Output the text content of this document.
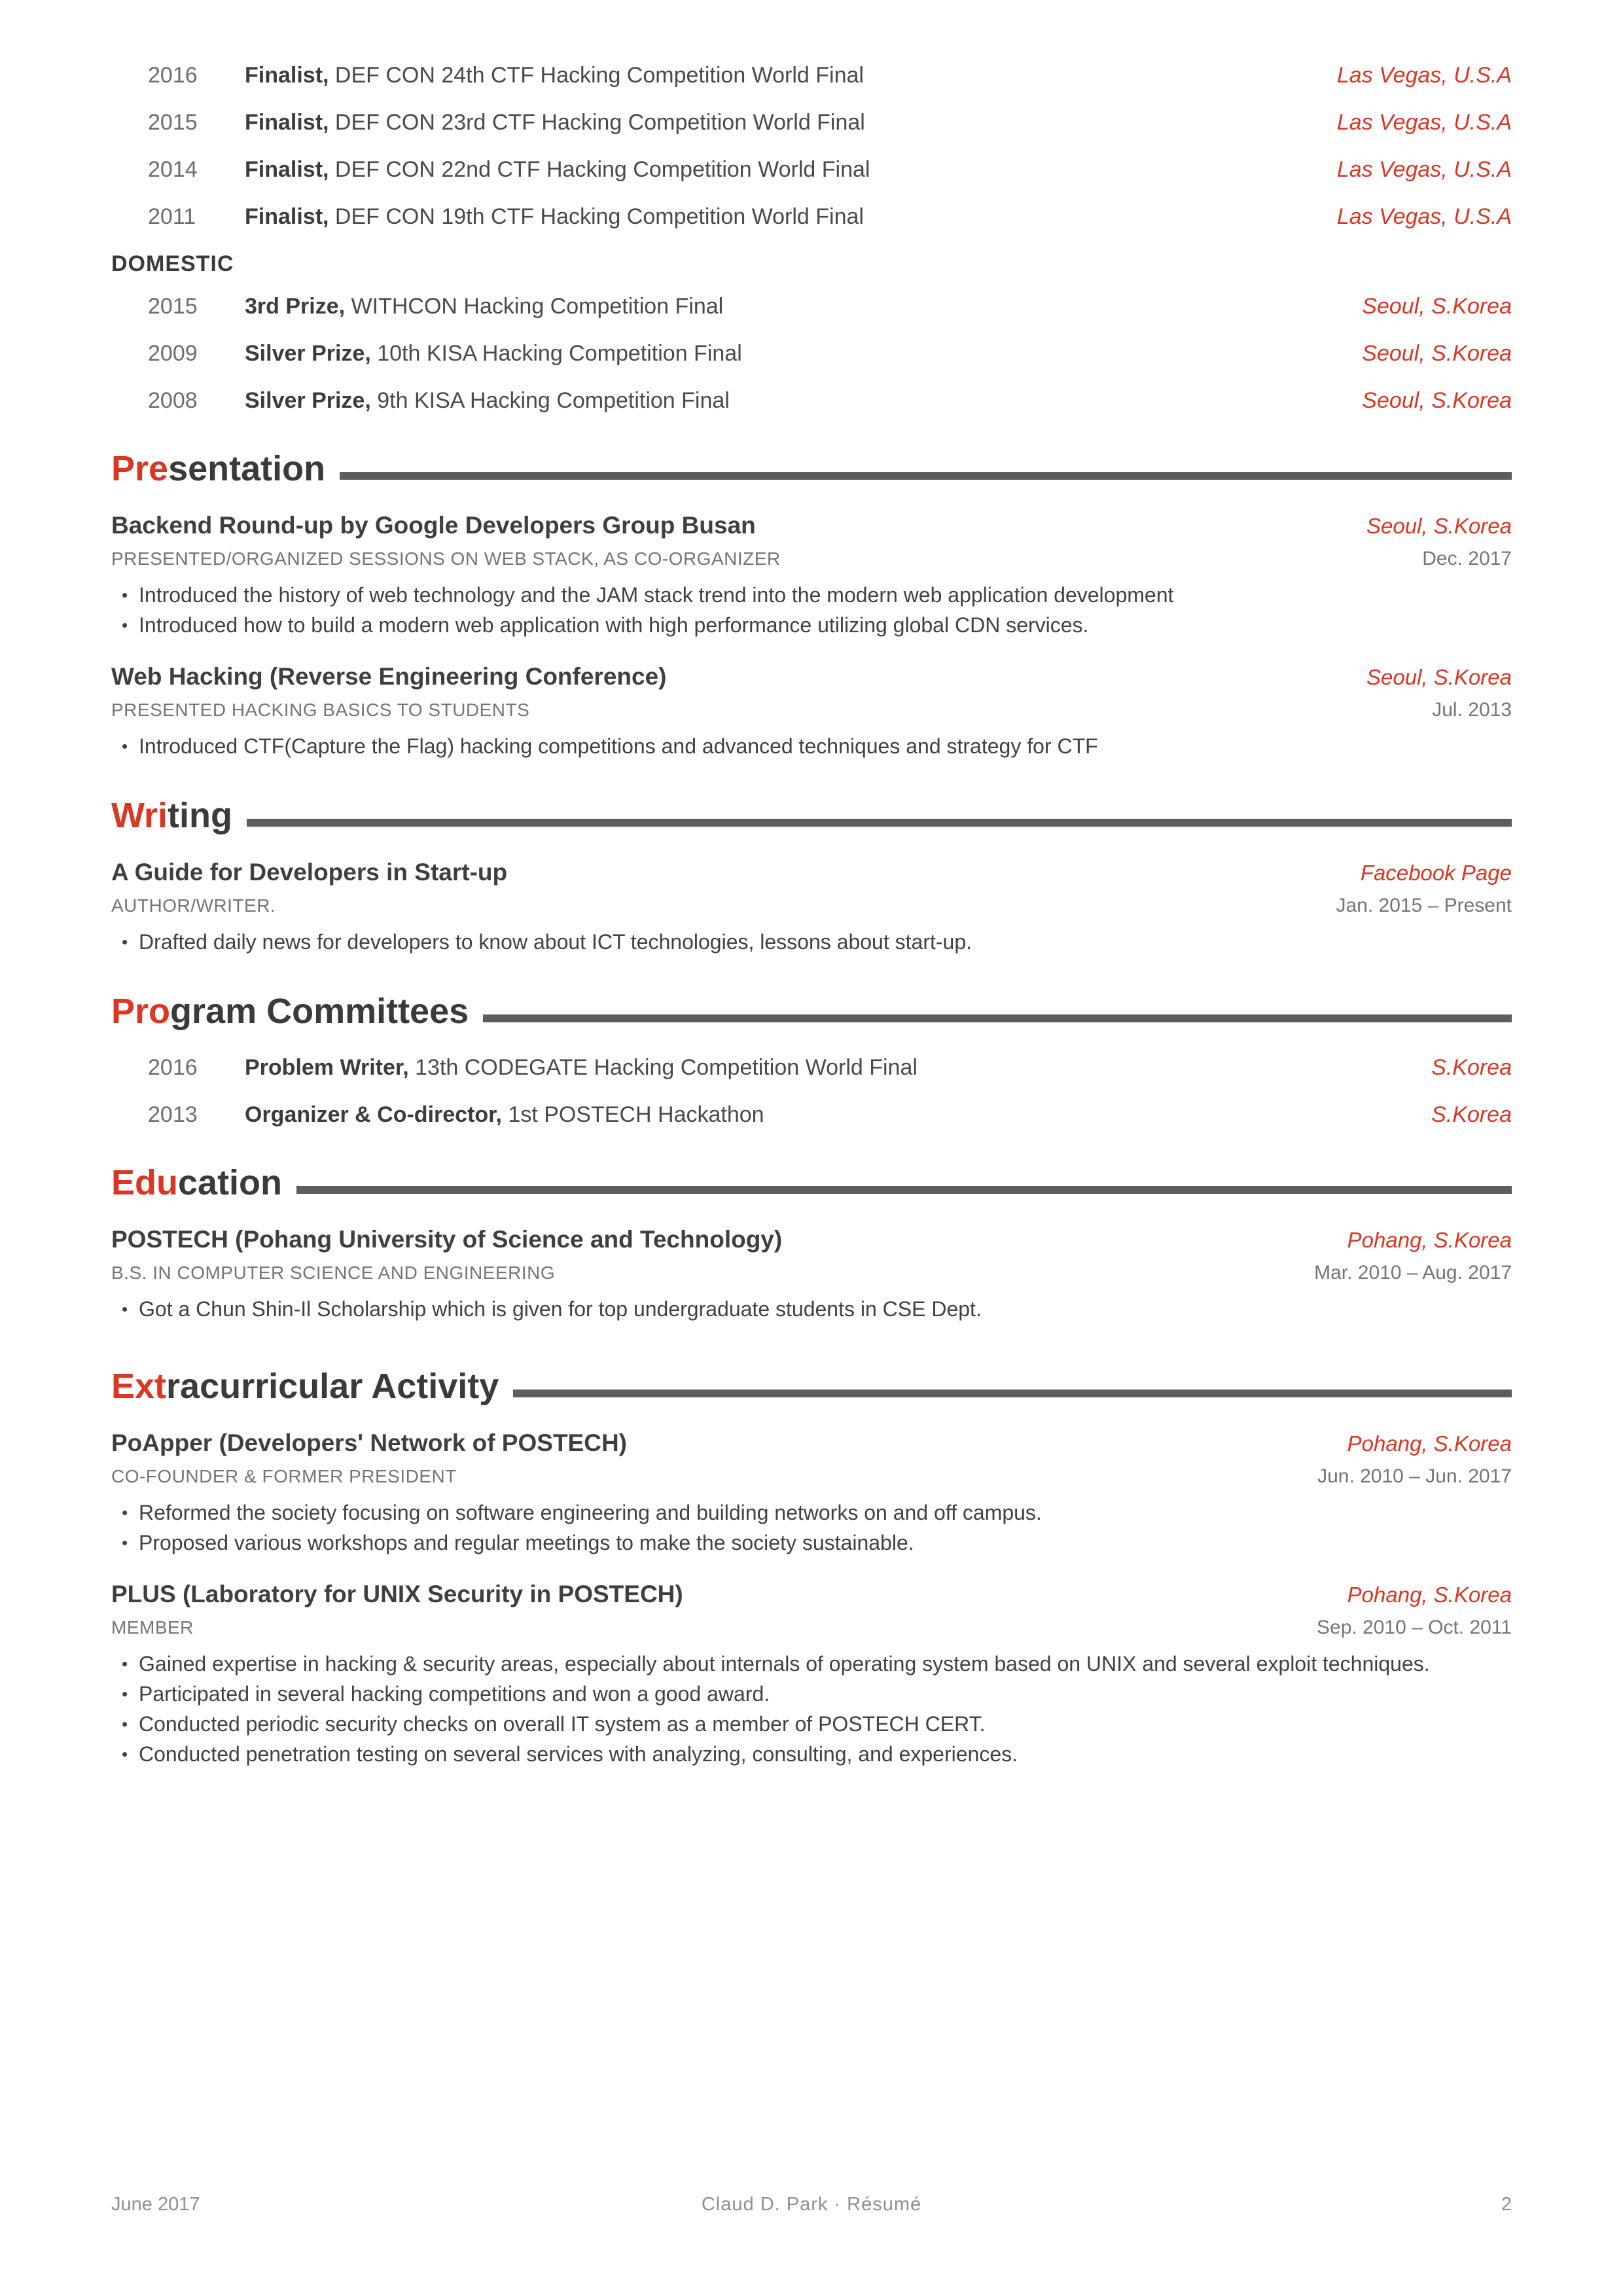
2016	Finalist, DEF CON 24th CTF Hacking Competition World Final	Las Vegas, U.S.A
2015	Finalist, DEF CON 23rd CTF Hacking Competition World Final	Las Vegas, U.S.A
2014	Finalist, DEF CON 22nd CTF Hacking Competition World Final	Las Vegas, U.S.A
2011	Finalist, DEF CON 19th CTF Hacking Competition World Final	Las Vegas, U.S.A
DOMESTIC
2015	3rd Prize, WITHCON Hacking Competition Final	Seoul, S.Korea
2009	Silver Prize, 10th KISA Hacking Competition Final	Seoul, S.Korea
2008	Silver Prize, 9th KISA Hacking Competition Final	Seoul, S.Korea
Presentation
Backend Round-up by Google Developers Group Busan	Seoul, S.Korea
PRESENTED/ORGANIZED SESSIONS ON WEB STACK, AS CO-ORGANIZER	Dec. 2017
• Introduced the history of web technology and the JAM stack trend into the modern web application development
• Introduced how to build a modern web application with high performance utilizing global CDN services.
Web Hacking (Reverse Engineering Conference)	Seoul, S.Korea
PRESENTED HACKING BASICS TO STUDENTS	Jul. 2013
• Introduced CTF(Capture the Flag) hacking competitions and advanced techniques and strategy for CTF
Writing
A Guide for Developers in Start-up	Facebook Page
AUTHOR/WRITER.	Jan. 2015 – Present
• Drafted daily news for developers to know about ICT technologies, lessons about start-up.
Program Committees
2016	Problem Writer, 13th CODEGATE Hacking Competition World Final	S.Korea
2013	Organizer & Co-director, 1st POSTECH Hackathon	S.Korea
Education
POSTECH (Pohang University of Science and Technology)	Pohang, S.Korea
B.S. IN COMPUTER SCIENCE AND ENGINEERING	Mar. 2010 – Aug. 2017
• Got a Chun Shin-Il Scholarship which is given for top undergraduate students in CSE Dept.
Extracurricular Activity
PoApper (Developers' Network of POSTECH)	Pohang, S.Korea
CO-FOUNDER & FORMER PRESIDENT	Jun. 2010 – Jun. 2017
• Reformed the society focusing on software engineering and building networks on and off campus.
• Proposed various workshops and regular meetings to make the society sustainable.
PLUS (Laboratory for UNIX Security in POSTECH)	Pohang, S.Korea
MEMBER	Sep. 2010 – Oct. 2011
• Gained expertise in hacking & security areas, especially about internals of operating system based on UNIX and several exploit techniques.
• Participated in several hacking competitions and won a good award.
• Conducted periodic security checks on overall IT system as a member of POSTECH CERT.
• Conducted penetration testing on several services with analyzing, consulting, and experiences.
June 2017	Claud D. Park · Résumé	2
